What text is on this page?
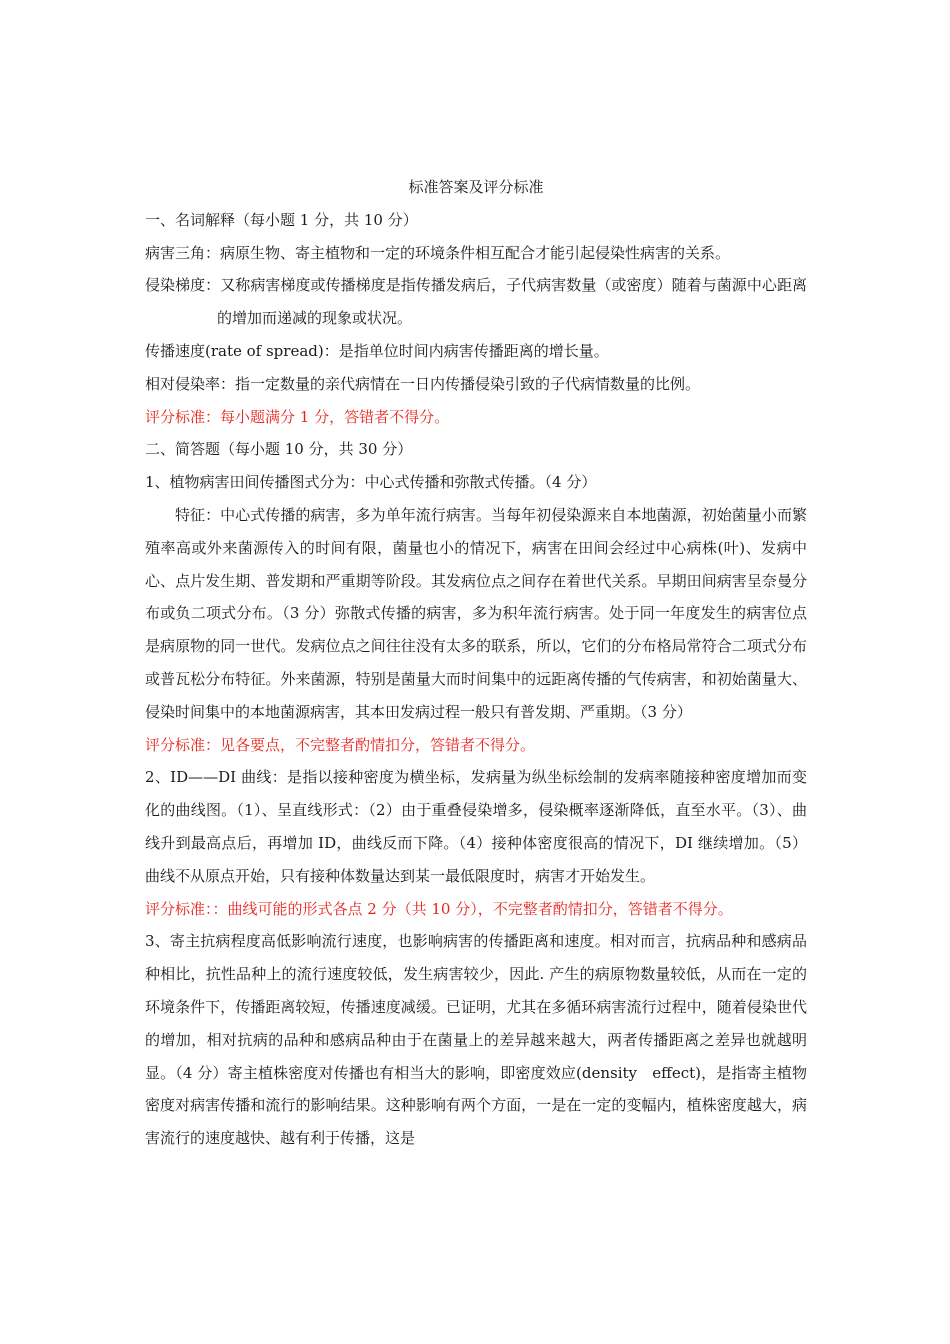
标准答案及评分标准

一、名词解释（每小题 1 分，共 10 分）

病害三角：病原生物、寄主植物和一定的环境条件相互配合才能引起侵染性病害的关系。

侵染梯度：又称病害梯度或传播梯度是指传播发病后，子代病害数量（或密度）随着与菌源中心距离的增加而递减的现象或状况。

传播速度(rate of spread)：是指单位时间内病害传播距离的增长量。

相对侵染率：指一定数量的亲代病情在一日内传播侵染引致的子代病情数量的比例。

评分标准：每小题满分 1 分，答错者不得分。

二、简答题（每小题 10 分，共 30 分）

1、植物病害田间传播图式分为：中心式传播和弥散式传播。（4 分）

特征：中心式传播的病害，多为单年流行病害。当每年初侵染源来自本地菌源，初始菌量小而繁殖率高或外来菌源传入的时间有限，菌量也小的情况下，病害在田间会经过中心病株(叶)、发病中心、点片发生期、普发期和严重期等阶段。其发病位点之间存在着世代关系。早期田间病害呈奈曼分布或负二项式分布。（3 分）弥散式传播的病害，多为积年流行病害。处于同一年度发生的病害位点是病原物的同一世代。发病位点之间往往没有太多的联系，所以，它们的分布格局常符合二项式分布或普瓦松分布特征。外来菌源，特别是菌量大而时间集中的远距离传播的气传病害，和初始菌量大、侵染时间集中的本地菌源病害，其本田发病过程一般只有普发期、严重期。（3 分）

评分标准：见各要点，不完整者酌情扣分，答错者不得分。

2、ID——DI 曲线：是指以接种密度为横坐标，发病量为纵坐标绘制的发病率随接种密度增加而变化的曲线图。（1）、呈直线形式：（2）由于重叠侵染增多，侵染概率逐渐降低，直至水平。（3）、曲线升到最高点后，再增加 ID，曲线反而下降。（4）接种体密度很高的情况下，DI 继续增加。（5）曲线不从原点开始，只有接种体数量达到某一最低限度时，病害才开始发生。

评分标准：：曲线可能的形式各点 2 分（共 10 分），不完整者酌情扣分，答错者不得分。

3、寄主抗病程度高低影响流行速度，也影响病害的传播距离和速度。相对而言，抗病品种和感病品种相比，抗性品种上的流行速度较低，发生病害较少，因此. 产生的病原物数量较低，从而在一定的环境条件下，传播距离较短，传播速度减缓。已证明，尤其在多循环病害流行过程中，随着侵染世代的增加，相对抗病的品种和感病品种由于在菌量上的差异越来越大，两者传播距离之差异也就越明显。（4 分）寄主植株密度对传播也有相当大的影响，即密度效应(density　effect)，是指寄主植物密度对病害传播和流行的影响结果。这种影响有两个方面，一是在一定的变幅内，植株密度越大，病害流行的速度越快、越有利于传播，这是
